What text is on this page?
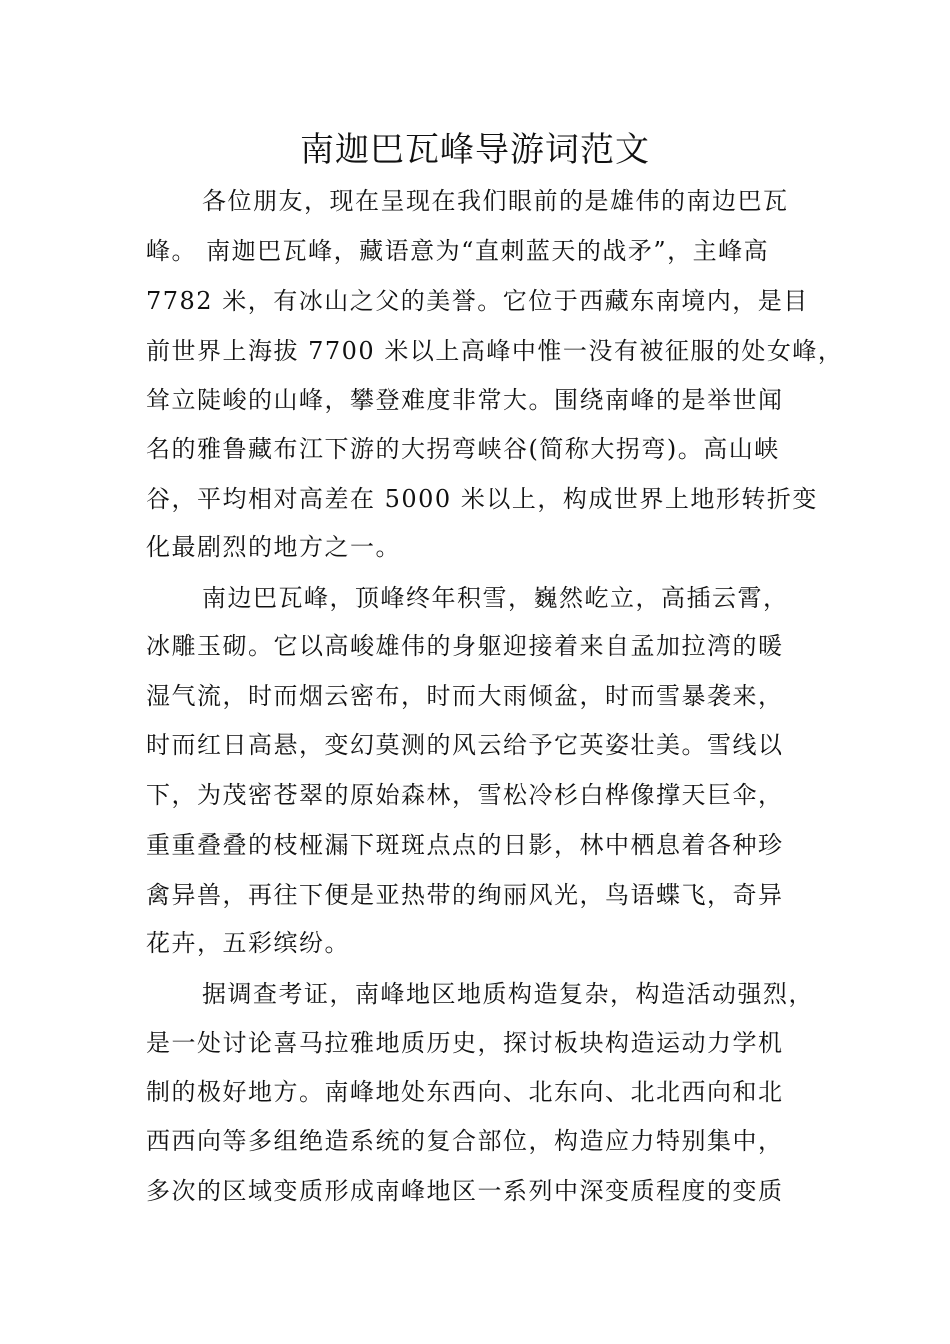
南迦巴瓦峰导游词范文
各位朋友，现在呈现在我们眼前的是雄伟的南边巴瓦
峰。 南迦巴瓦峰，藏语意为“直刺蓝天的战矛”，主峰高
7782 米，有冰山之父的美誉。它位于西藏东南境内，是目
前世界上海拔 7700 米以上高峰中惟一没有被征服的处女峰，
耸立陡峻的山峰，攀登难度非常大。围绕南峰的是举世闻
名的雅鲁藏布江下游的大拐弯峡谷(简称大拐弯)。高山峡
谷，平均相对高差在 5000 米以上，构成世界上地形转折变
化最剧烈的地方之一。
南边巴瓦峰，顶峰终年积雪，巍然屹立，高插云霄，
冰雕玉砌。它以高峻雄伟的身躯迎接着来自孟加拉湾的暖
湿气流，时而烟云密布，时而大雨倾盆，时而雪暴袭来，
时而红日高悬，变幻莫测的风云给予它英姿壮美。雪线以
下，为茂密苍翠的原始森林，雪松冷杉白桦像撑天巨伞，
重重叠叠的枝桠漏下斑斑点点的日影，林中栖息着各种珍
禽异兽，再往下便是亚热带的绚丽风光，鸟语蝶飞，奇异
花卉，五彩缤纷。
据调查考证，南峰地区地质构造复杂，构造活动强烈，
是一处讨论喜马拉雅地质历史，探讨板块构造运动力学机
制的极好地方。南峰地处东西向、北东向、北北西向和北
西西向等多组绝造系统的复合部位，构造应力特别集中，
多次的区域变质形成南峰地区一系列中深变质程度的变质
